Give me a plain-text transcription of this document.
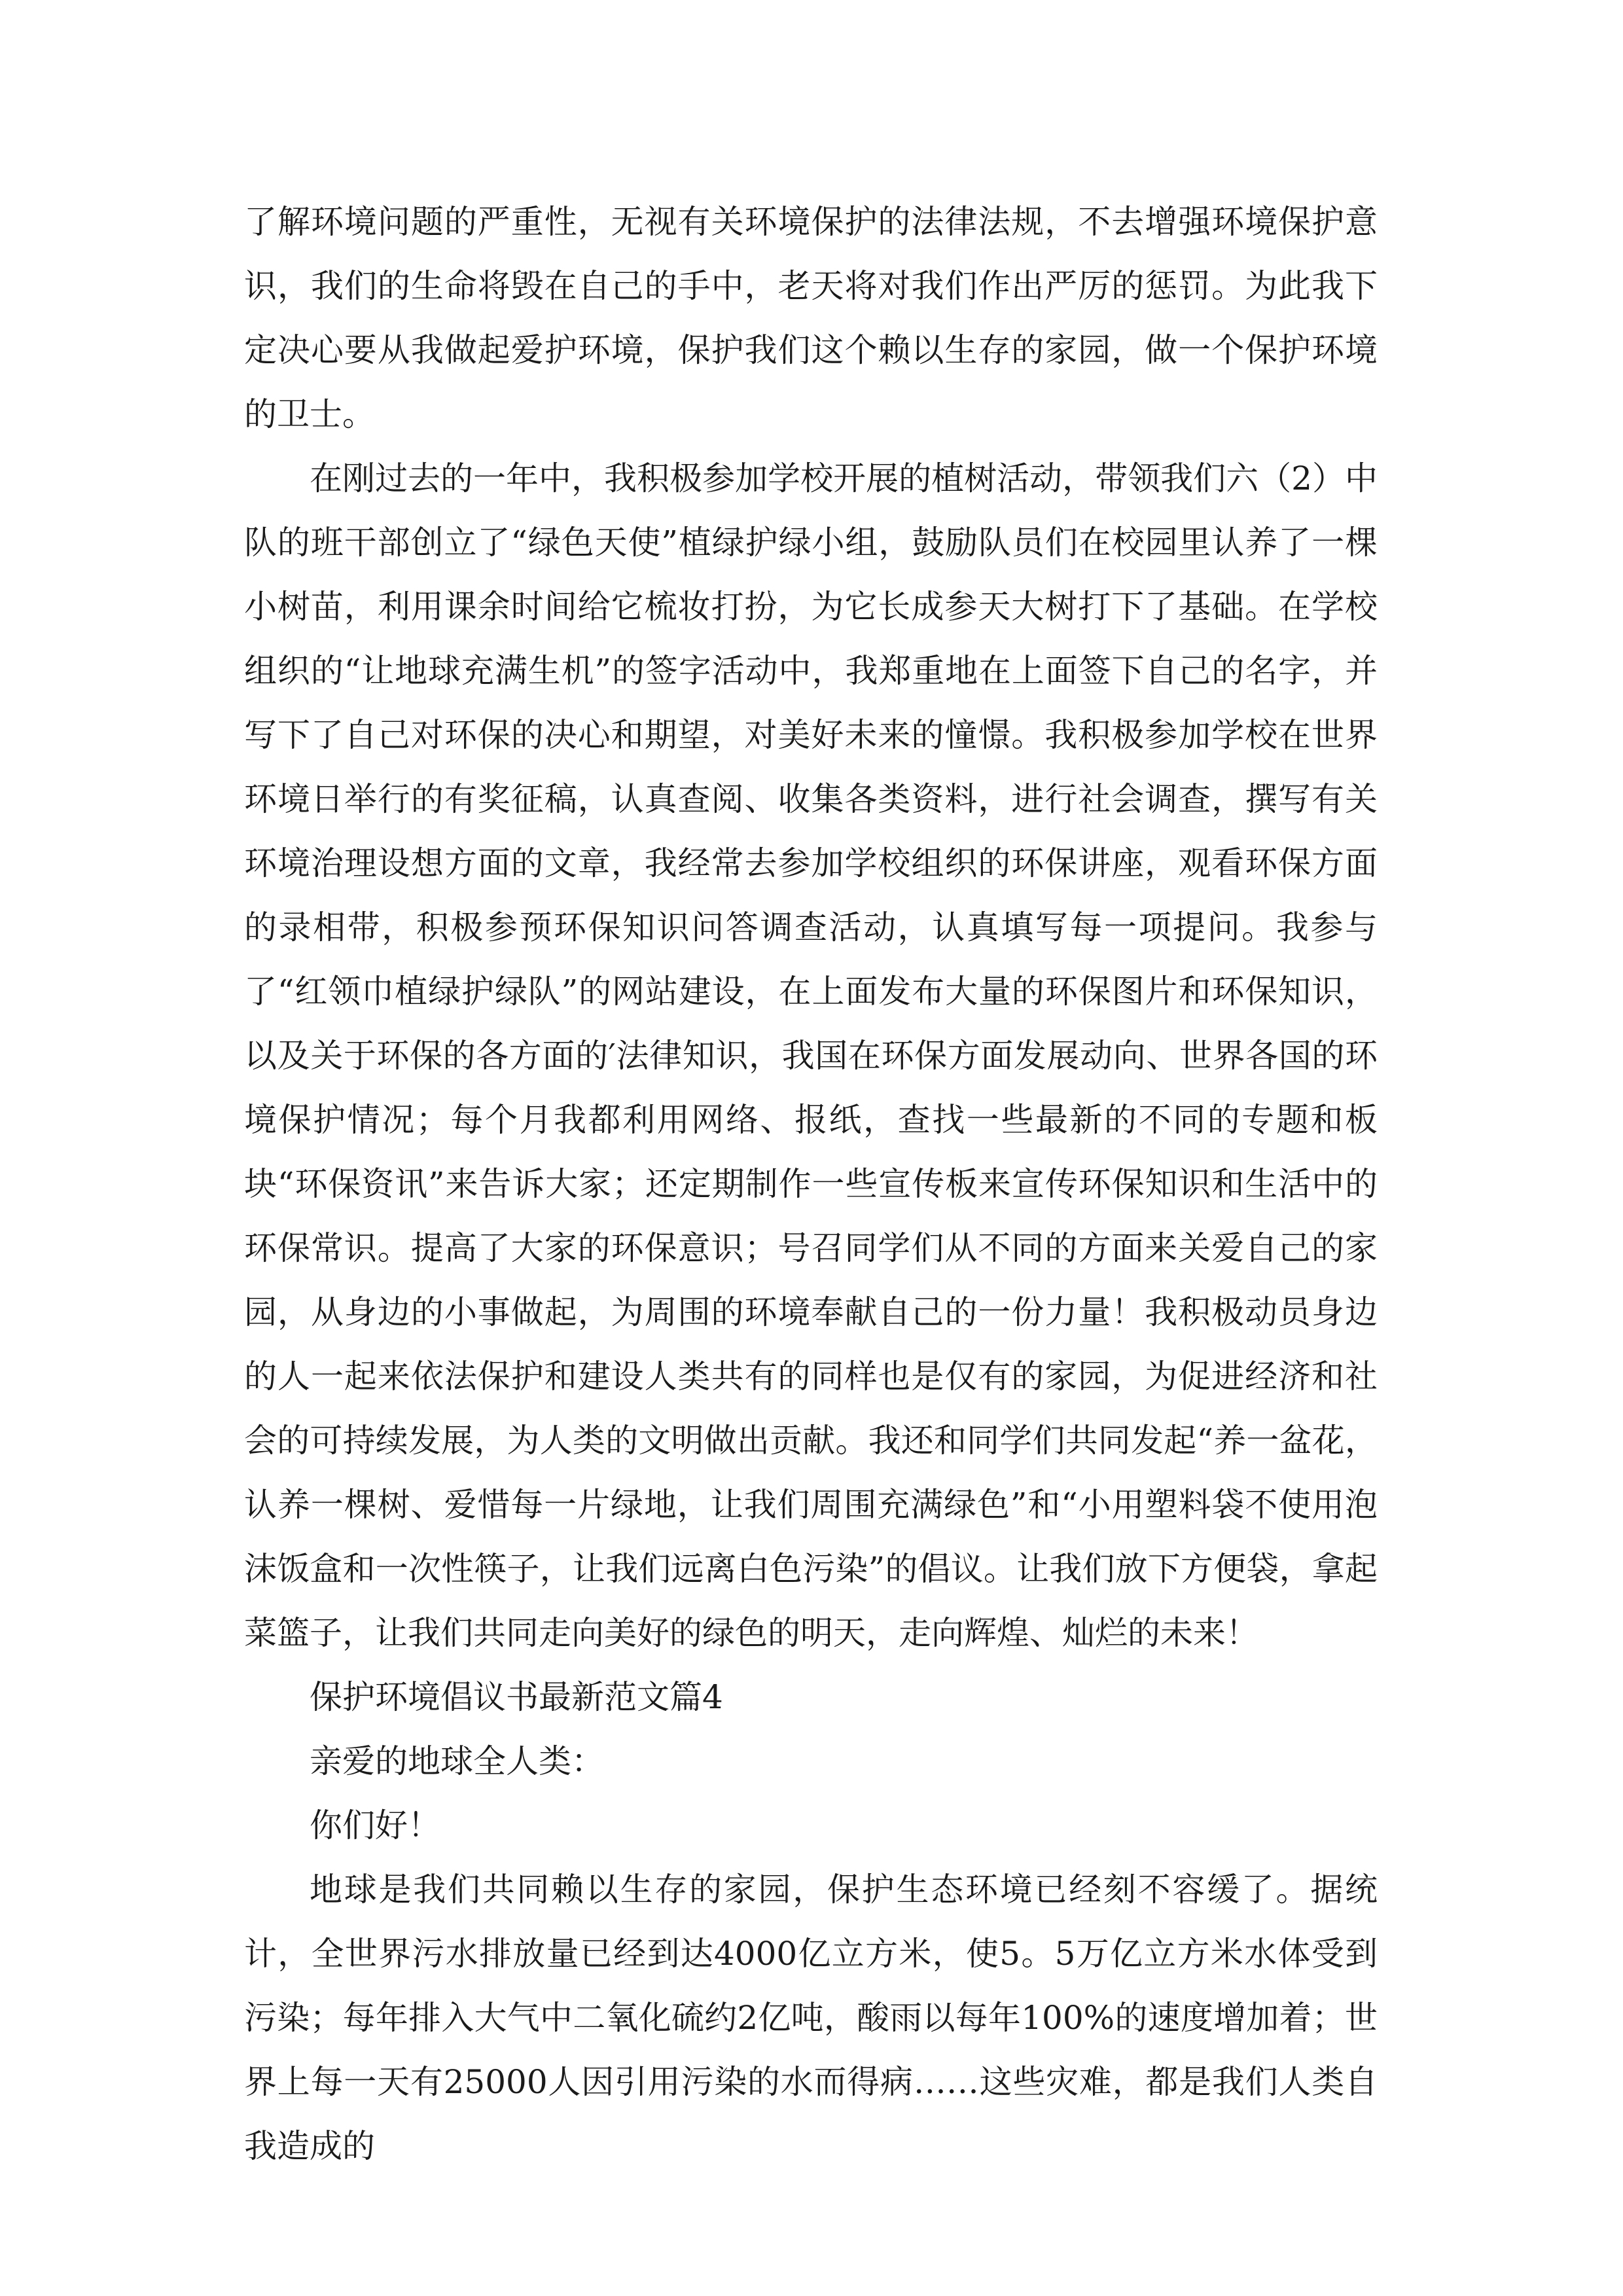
了解环境问题的严重性，无视有关环境保护的法律法规，不去增强环境保护意识，我们的生命将毁在自己的手中，老天将对我们作出严厉的惩罚。为此我下定决心要从我做起爱护环境，保护我们这个赖以生存的家园，做一个保护环境的卫士。

在刚过去的一年中，我积极参加学校开展的植树活动，带领我们六（2）中队的班干部创立了“绿色天使”植绿护绿小组，鼓励队员们在校园里认养了一棵小树苗，利用课余时间给它梳妆打扮，为它长成参天大树打下了基础。在学校组织的“让地球充满生机”的签字活动中，我郑重地在上面签下自己的名字，并写下了自己对环保的决心和期望，对美好未来的憧憬。我积极参加学校在世界环境日举行的有奖征稿，认真查阅、收集各类资料，进行社会调查，撰写有关环境治理设想方面的文章，我经常去参加学校组织的环保讲座，观看环保方面的录相带，积极参预环保知识问答调查活动，认真填写每一项提问。我参与了“红领巾植绿护绿队”的网站建设，在上面发布大量的环保图片和环保知识，以及关于环保的各方面的′法律知识，我国在环保方面发展动向、世界各国的环境保护情况；每个月我都利用网络、报纸，查找一些最新的不同的专题和板块“环保资讯”来告诉大家；还定期制作一些宣传板来宣传环保知识和生活中的环保常识。提高了大家的环保意识；号召同学们从不同的方面来关爱自己的家园，从身边的小事做起，为周围的环境奉献自己的一份力量！我积极动员身边的人一起来依法保护和建设人类共有的同样也是仅有的家园，为促进经济和社会的可持续发展，为人类的文明做出贡献。我还和同学们共同发起“养一盆花，认养一棵树、爱惜每一片绿地，让我们周围充满绿色”和“小用塑料袋不使用泡沫饭盒和一次性筷子，让我们远离白色污染”的倡议。让我们放下方便袋，拿起菜篮子，让我们共同走向美好的绿色的明天，走向辉煌、灿烂的未来！

保护环境倡议书最新范文篇4

亲爱的地球全人类：

你们好！

地球是我们共同赖以生存的家园，保护生态环境已经刻不容缓了。据统计，全世界污水排放量已经到达4000亿立方米，使5。5万亿立方米水体受到污染；每年排入大气中二氧化硫约2亿吨，酸雨以每年100%的速度增加着；世界上每一天有25000人因引用污染的水而得病……这些灾难，都是我们人类自我造成的
